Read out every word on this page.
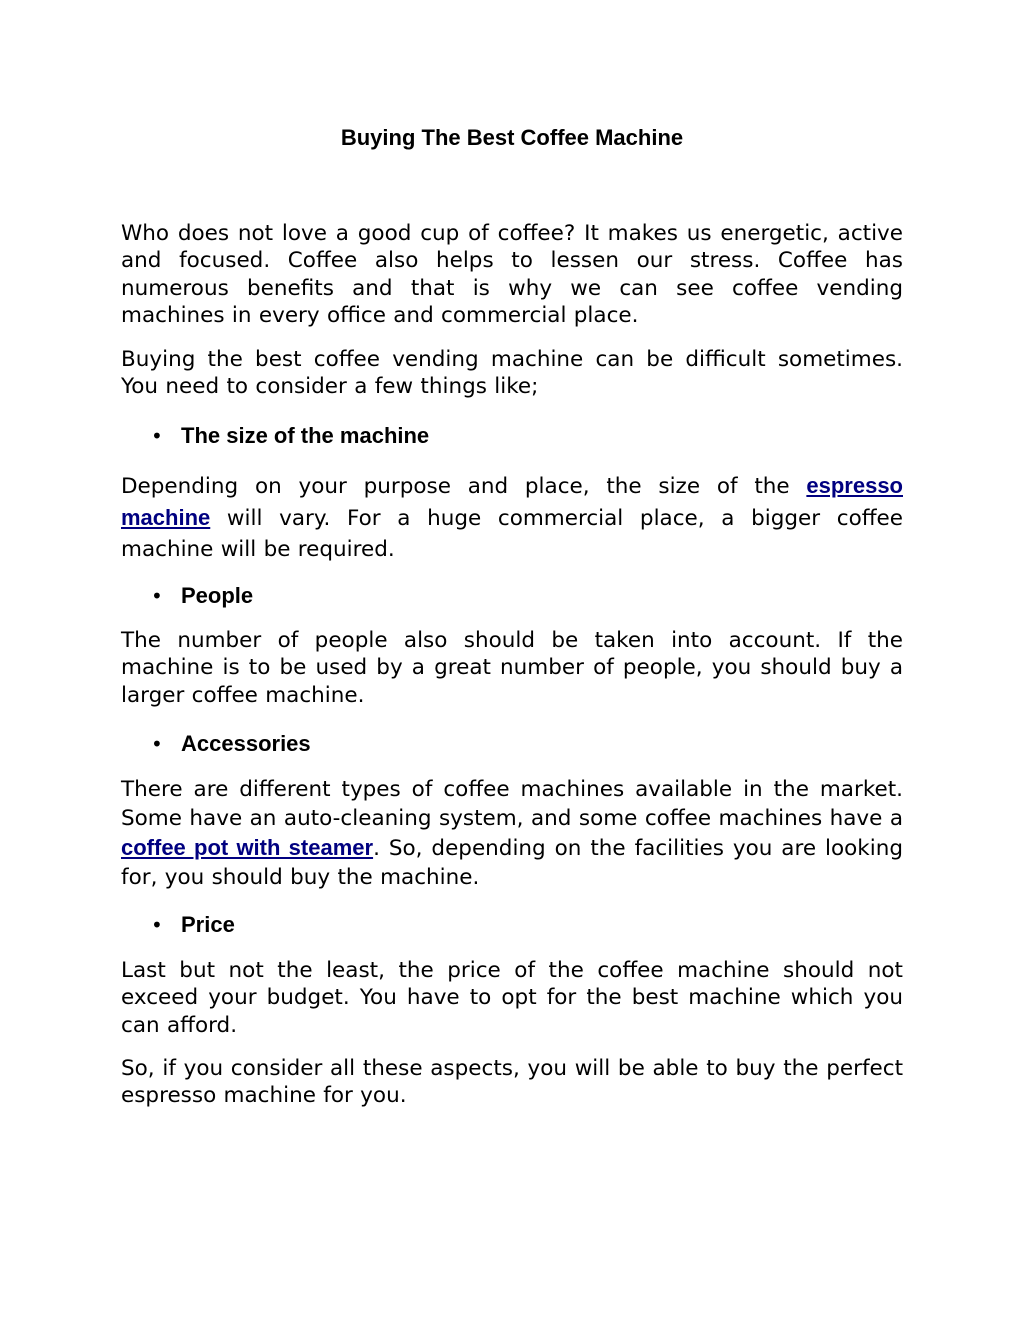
Buying The Best Coffee Machine

Who does not love a good cup of coffee? It makes us energetic, active and focused. Coffee also helps to lessen our stress. Coffee has numerous benefits and that is why we can see coffee vending machines in every office and commercial place.

Buying the best coffee vending machine can be difficult sometimes. You need to consider a few things like;

• The size of the machine

Depending on your purpose and place, the size of the espresso machine will vary. For a huge commercial place, a bigger coffee machine will be required.

• People

The number of people also should be taken into account. If the machine is to be used by a great number of people, you should buy a larger coffee machine.

• Accessories

There are different types of coffee machines available in the market. Some have an auto-cleaning system, and some coffee machines have a coffee pot with steamer. So, depending on the facilities you are looking for, you should buy the machine.

• Price

Last but not the least, the price of the coffee machine should not exceed your budget. You have to opt for the best machine which you can afford.

So, if you consider all these aspects, you will be able to buy the perfect espresso machine for you.
